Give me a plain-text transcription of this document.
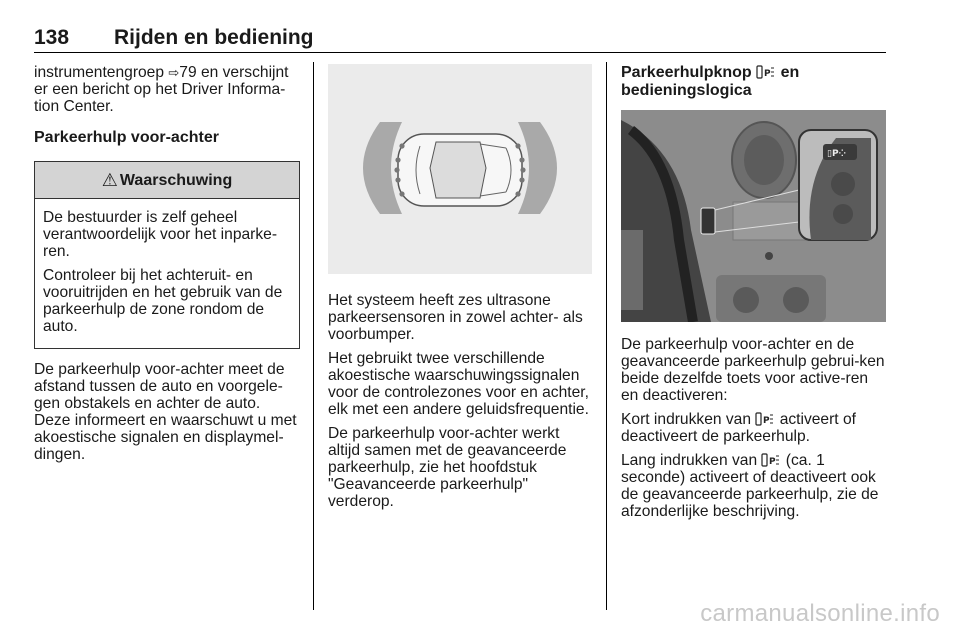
138 Rijden en bediening

instrumentengroep ⇨79 en verschijnt er een bericht op het Driver Informa-tion Center.

Parkeerhulp voor-achter
⚠ Waarschuwing

De bestuurder is zelf geheel verantwoordelijk voor het inparke-ren.

Controleer bij het achteruit- en vooruitrijden en het gebruik van de parkeerhulp de zone rondom de auto.

De parkeerhulp voor-achter meet de afstand tussen de auto en voorgele-gen obstakels en achter de auto. Deze informeert en waarschuwt u met akoestische signalen en displaymel-dingen.

Het systeem heeft zes ultrasone parkeersensoren in zowel achter- als voorbumper.

Het gebruikt twee verschillende akoestische waarschuwingssignalen voor de controlezones voor en achter, elk met een andere geluidsfrequentie.

De parkeerhulp voor-achter werkt altijd samen met de geavanceerde parkeerhulp, zie het hoofdstuk "Geavanceerde parkeerhulp" verderop.

Parkeerhulpknop P en bedieningslogica
▯P⁘

De parkeerhulp voor-achter en de geavanceerde parkeerhulp gebrui-ken beide dezelfde toets voor active-ren en deactiveren:

Kort indrukken van P activeert of deactiveert de parkeerhulp.

Lang indrukken van P (ca. 1 seconde) activeert of deactiveert ook de geavanceerde parkeerhulp, zie de afzonderlijke beschrijving.

carmanualsonline.info
